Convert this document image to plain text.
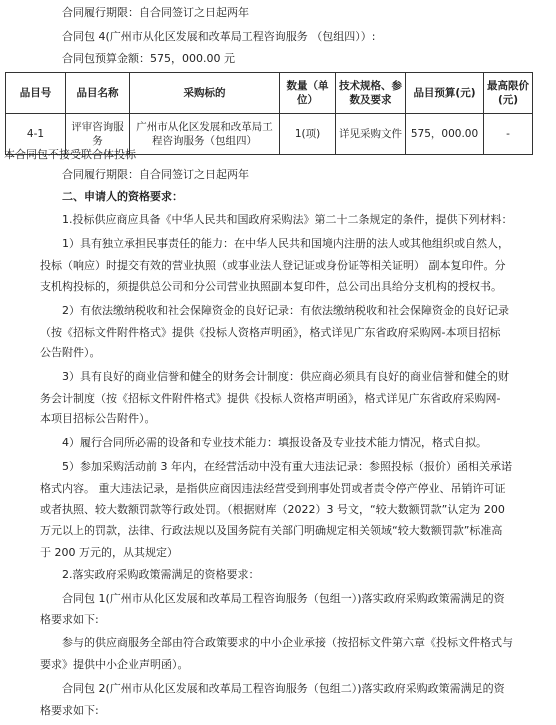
合同履行期限：自合同签订之日起两年
合同包 4(广州市从化区发展和改革局工程咨询服务 （包组四））:
合同包预算金额：575，000.00 元
品目号	品目名称	采购标的	数量（单位）	技术规格、参数及要求	品目预算(元)	最高限价(元)
4-1	评审咨询服务	广州市从化区发展和改革局工程咨询服务（包组四）	1(项)	详见采购文件	575，000.00	-
本合同包不接受联合体投标
合同履行期限：自合同签订之日起两年
二、申请人的资格要求：
1.投标供应商应具备《中华人民共和国政府采购法》第二十二条规定的条件，提供下列材料：
1）具有独立承担民事责任的能力：在中华人民共和国境内注册的法人或其他组织或自然人，
投标（响应）时提交有效的营业执照（或事业法人登记证或身份证等相关证明） 副本复印件。分
支机构投标的，须提供总公司和分公司营业执照副本复印件，总公司出具给分支机构的授权书。
2）有依法缴纳税收和社会保障资金的良好记录：有依法缴纳税收和社会保障资金的良好记录
（按《招标文件附件格式》提供《投标人资格声明函》，格式详见广东省政府采购网-本项目招标
公告附件）。
3）具有良好的商业信誉和健全的财务会计制度：供应商必须具有良好的商业信誉和健全的财
务会计制度（按《招标文件附件格式》提供《投标人资格声明函》，格式详见广东省政府采购网-
本项目招标公告附件）。
4）履行合同所必需的设备和专业技术能力：填报设备及专业技术能力情况，格式自拟。
5）参加采购活动前 3 年内，在经营活动中没有重大违法记录：参照投标（报价）函相关承诺
格式内容。 重大违法记录，是指供应商因违法经营受到刑事处罚或者责令停产停业、吊销许可证
或者执照、较大数额罚款等行政处罚。（根据财库（2022）3 号文，“较大数额罚款”认定为 200
万元以上的罚款，法律、行政法规以及国务院有关部门明确规定相关领域“较大数额罚款”标准高
于 200 万元的，从其规定）
2.落实政府采购政策需满足的资格要求：
合同包 1(广州市从化区发展和改革局工程咨询服务（包组一）)落实政府采购政策需满足的资
格要求如下:
参与的供应商服务全部由符合政策要求的中小企业承接（按招标文件第六章《投标文件格式与
要求》提供中小企业声明函）。
合同包 2(广州市从化区发展和改革局工程咨询服务（包组二）)落实政府采购政策需满足的资
格要求如下:
